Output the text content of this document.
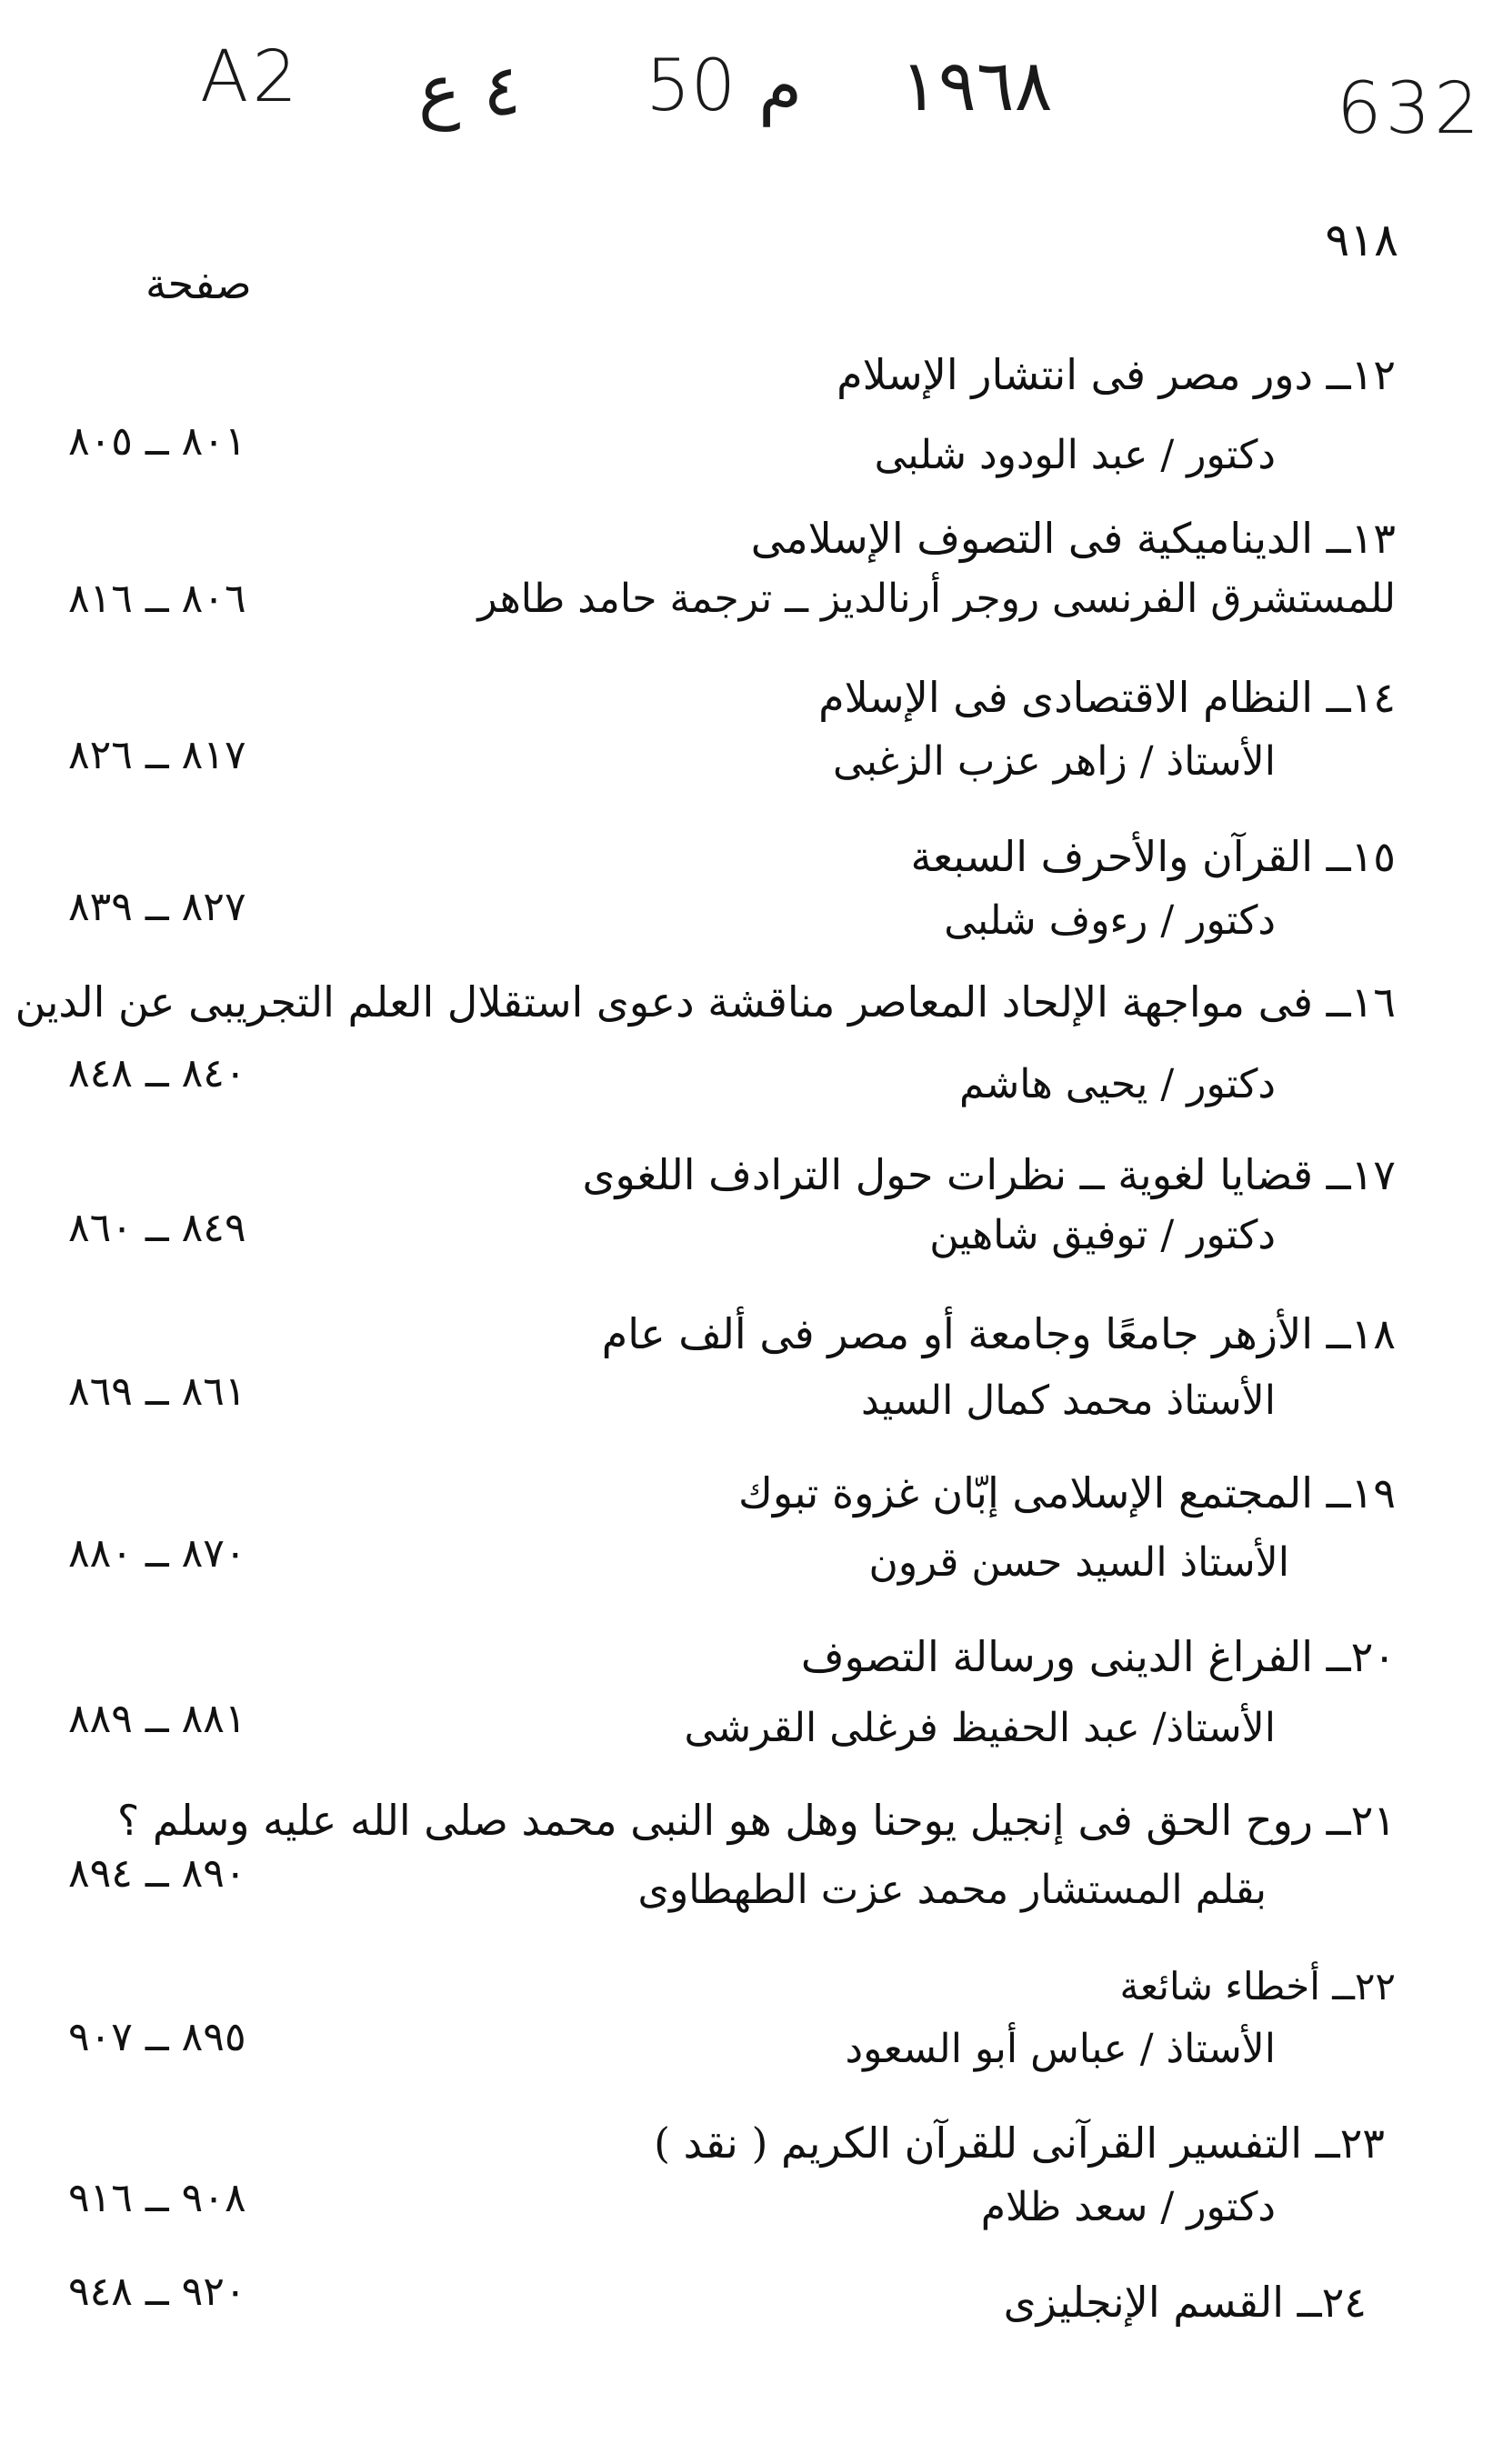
A2 ٤ ع 50 م ١٩٦٨	632
٩١٨
صفحة
١٢ــ دور مصر فى انتشار الإسلام
دكتور / عبد الودود شلبى
٨٠١ ــ ٨٠٥
١٣ــ الديناميكية فى التصوف الإسلامى
للمستشرق الفرنسى روجر أرنالديز ــ ترجمة حامد طاهر
٨٠٦ ــ ٨١٦
١٤ــ النظام الاقتصادى فى الإسلام
الأستاذ / زاهر عزب الزغبى
٨١٧ ــ ٨٢٦
١٥ــ القرآن والأحرف السبعة
دكتور / رءوف شلبى
٨٢٧ ــ ٨٣٩
١٦ــ فى مواجهة الإلحاد المعاصر مناقشة دعوى استقلال العلم التجريبى عن الدين
دكتور / يحيى هاشم
٨٤٠ ــ ٨٤٨
١٧ــ قضايا لغوية ــ نظرات حول الترادف اللغوى
دكتور / توفيق شاهين
٨٤٩ ــ ٨٦٠
١٨ــ الأزهر جامعًا وجامعة أو مصر فى ألف عام
الأستاذ محمد كمال السيد
٨٦١ ــ ٨٦٩
١٩ــ المجتمع الإسلامى إبّان غزوة تبوك
الأستاذ السيد حسن قرون
٨٧٠ ــ ٨٨٠
٢٠ــ الفراغ الدينى ورسالة التصوف
الأستاذ/ عبد الحفيظ فرغلى القرشى
٨٨١ ــ ٨٨٩
٢١ــ روح الحق فى إنجيل يوحنا وهل هو النبى محمد صلى الله عليه وسلم ؟
بقلم المستشار محمد عزت الطهطاوى
٨٩٠ ــ ٨٩٤
٢٢ــ أخطاء شائعة
الأستاذ / عباس أبو السعود
٨٩٥ ــ ٩٠٧
٢٣ــ التفسير القرآنى للقرآن الكريم ( نقد )
دكتور / سعد ظلام
٩٠٨ ــ ٩١٦
٢٤ــ القسم الإنجليزى
٩٢٠ ــ ٩٤٨
